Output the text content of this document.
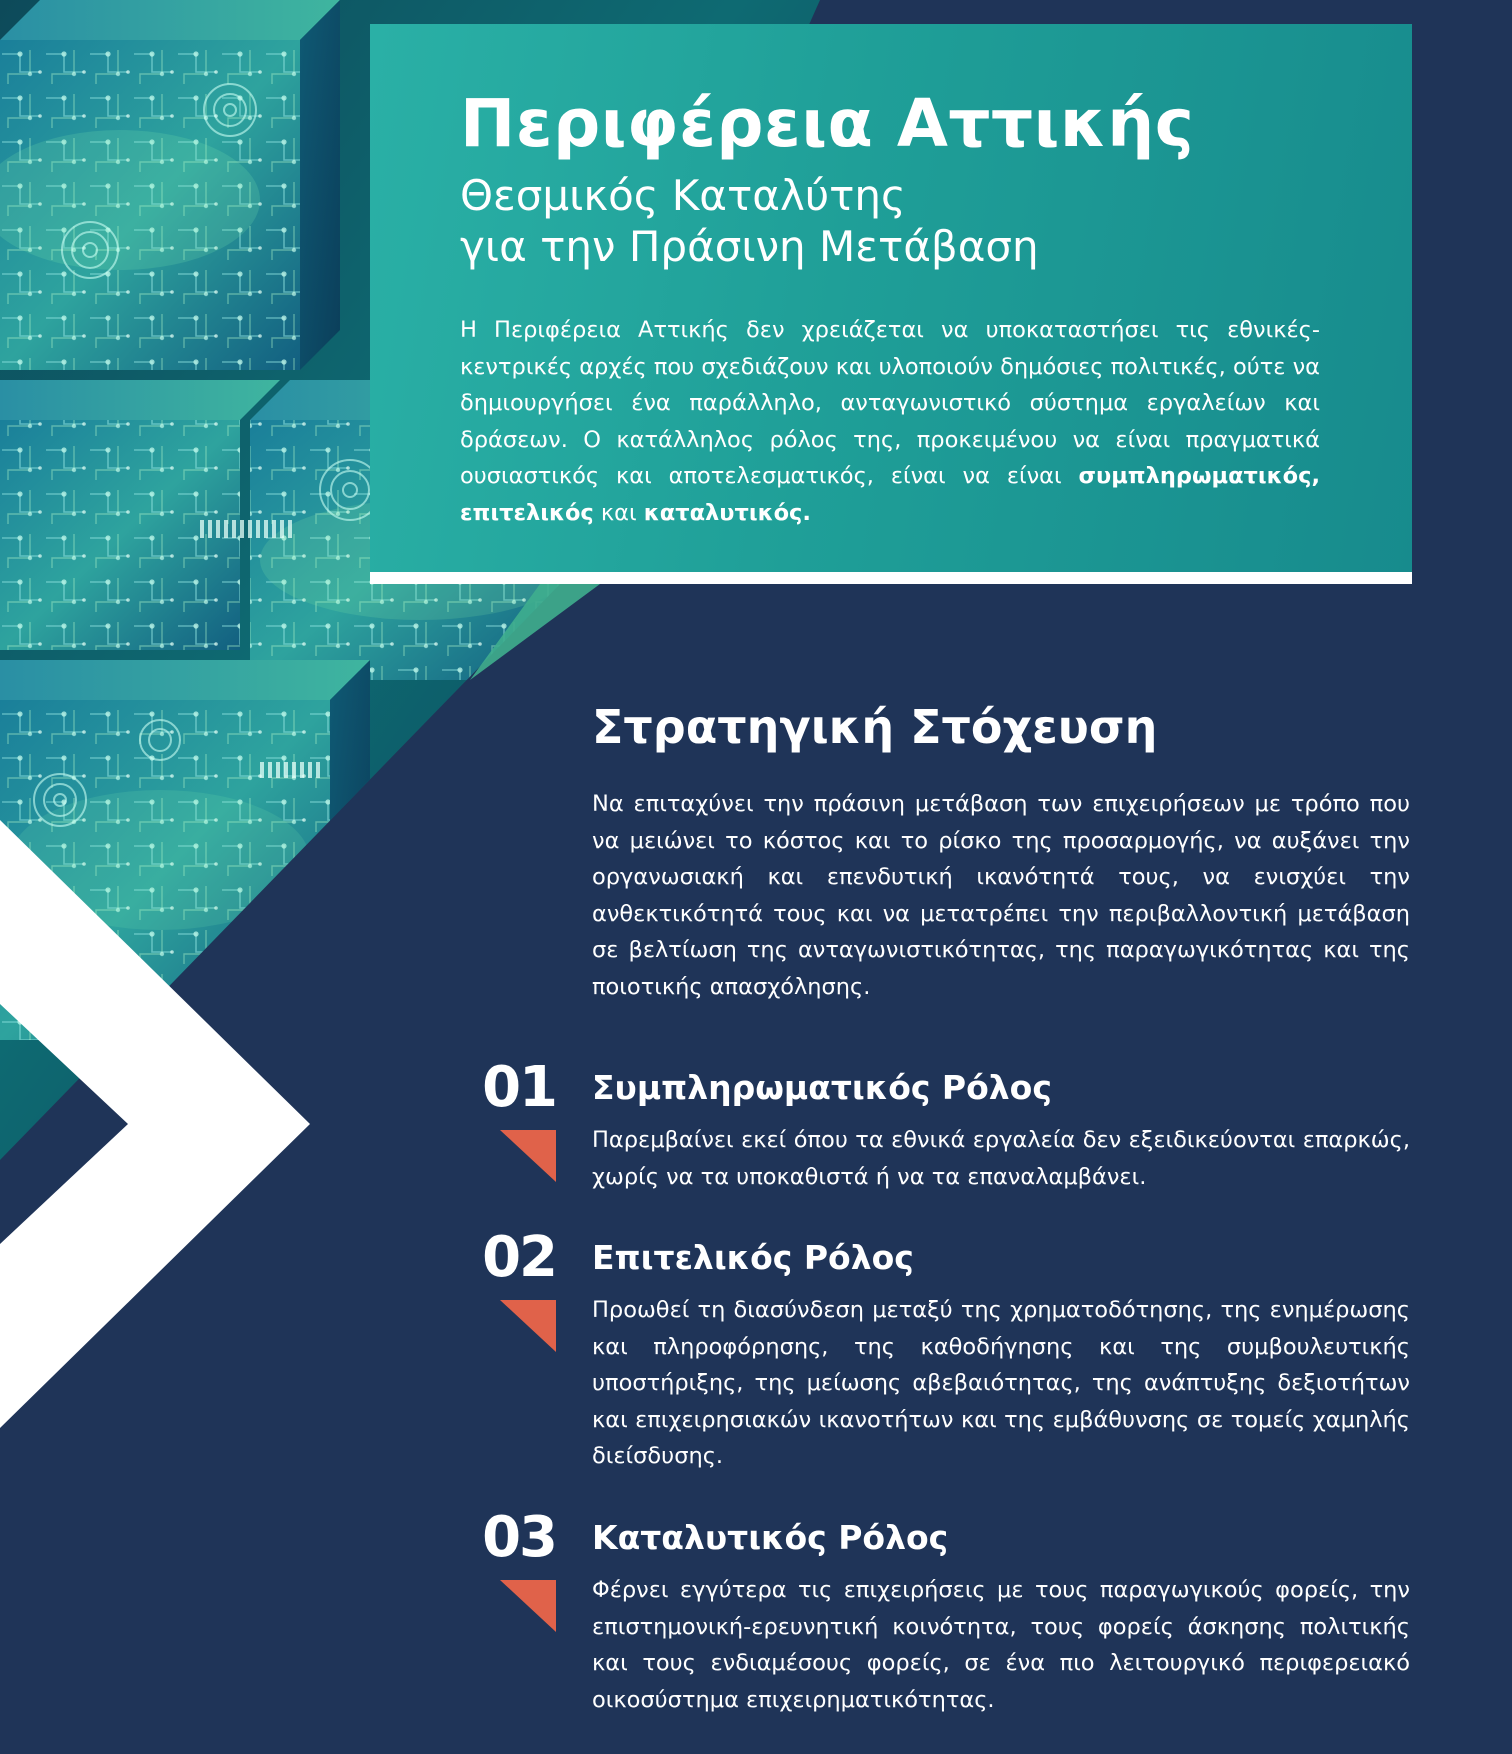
Περιφέρεια Αττικής
Θεσμικός Καταλύτης
για την Πράσινη Μετάβαση

Η Περιφέρεια Αττικής δεν χρειάζεται να υποκαταστήσει τις εθνικές-κεντρικές αρχές που σχεδιάζουν και υλοποιούν δημόσιες πολιτικές, ούτε να δημιουργήσει ένα παράλληλο, ανταγωνιστικό σύστημα εργαλείων και δράσεων. Ο κατάλληλος ρόλος της, προκειμένου να είναι πραγματικά ουσιαστικός και αποτελεσματικός, είναι να είναι συμπληρωματικός, επιτελικός και καταλυτικός.

Στρατηγική Στόχευση

Να επιταχύνει την πράσινη μετάβαση των επιχειρήσεων με τρόπο που να μειώνει το κόστος και το ρίσκο της προσαρμογής, να αυξάνει την οργανωσιακή και επενδυτική ικανότητά τους, να ενισχύει την ανθεκτικότητά τους και να μετατρέπει την περιβαλλοντική μετάβαση σε βελτίωση της ανταγωνιστικότητας, της παραγωγικότητας και της ποιοτικής απασχόλησης.

01 Συμπληρωματικός Ρόλος

Παρεμβαίνει εκεί όπου τα εθνικά εργαλεία δεν εξειδικεύονται επαρκώς, χωρίς να τα υποκαθιστά ή να τα επαναλαμβάνει.

02 Επιτελικός Ρόλος

Προωθεί τη διασύνδεση μεταξύ της χρηματοδότησης, της ενημέρωσης και πληροφόρησης, της καθοδήγησης και της συμβουλευτικής υποστήριξης, της μείωσης αβεβαιότητας, της ανάπτυξης δεξιοτήτων και επιχειρησιακών ικανοτήτων και της εμβάθυνσης σε τομείς χαμηλής διείσδυσης.

03 Καταλυτικός Ρόλος

Φέρνει εγγύτερα τις επιχειρήσεις με τους παραγωγικούς φορείς, την επιστημονική-ερευνητική κοινότητα, τους φορείς άσκησης πολιτικής και τους ενδιαμέσους φορείς, σε ένα πιο λειτουργικό περιφερειακό οικοσύστημα επιχειρηματικότητας.
